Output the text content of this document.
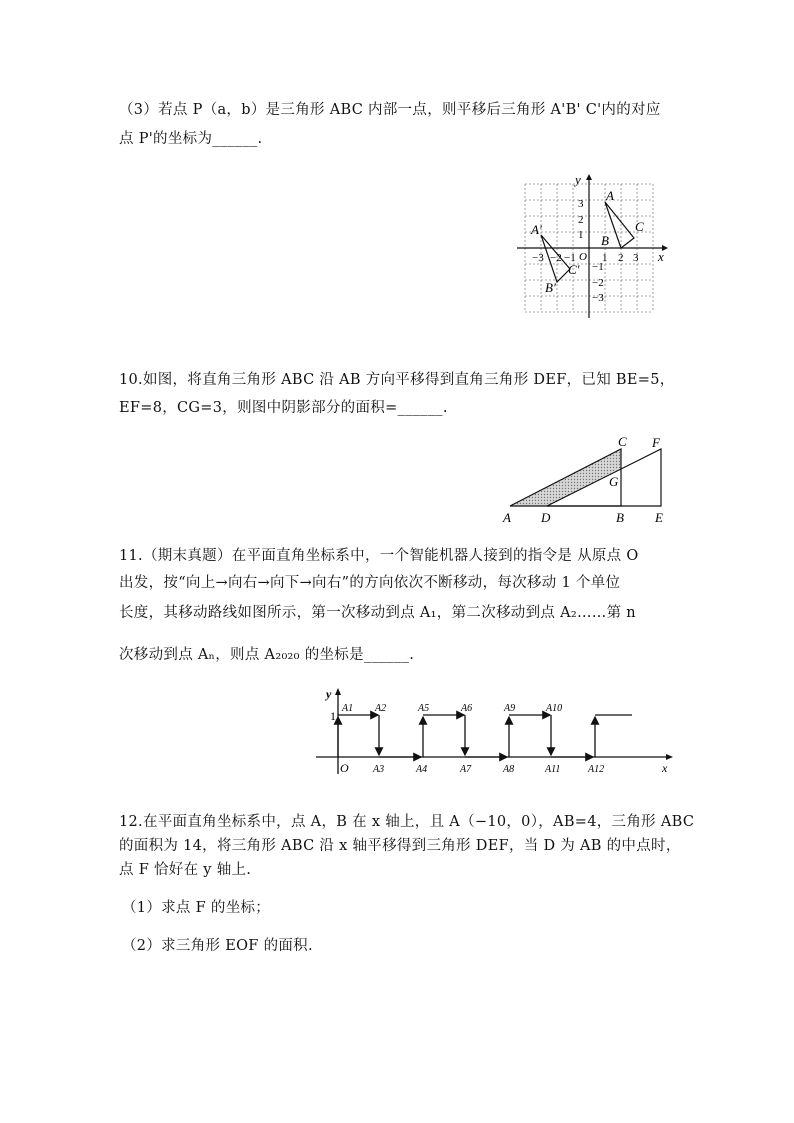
（3）若点 P（a，b）是三角形 ABC 内部一点，则平移后三角形 A'B' C'内的对应
点 P'的坐标为______.
x
y
−3 −2 −1 O 1 2 3
3
2
1
−1
−2
−3
A
B
C
A'
B'
C'
10.如图，将直角三角形 ABC 沿 AB 方向平移得到直角三角形 DEF，已知 BE=5，
EF=8，CG=3，则图中阴影部分的面积=______.
A D	B E
C F
G
11.（期末真题）在平面直角坐标系中，一个智能机器人接到的指令是 从原点 O
出发，按“向上→向右→向下→向右”的方向依次不断移动，每次移动 1 个单位
长度，其移动路线如图所示，第一次移动到点 A₁，第二次移动到点 A₂……第 n
次移动到点 Aₙ，则点 A₂₀₂₀ 的坐标是______.
y
x
O
1
A1 A2	A5	A6	A9	A10
A3	A4	A7	A8	A11	A12
12.在平面直角坐标系中，点 A，B 在 x 轴上，且 A（−10，0），AB=4，三角形 ABC
的面积为 14，将三角形 ABC 沿 x 轴平移得到三角形 DEF，当 D 为 AB 的中点时，
点 F 恰好在 y 轴上.
（1）求点 F 的坐标；
（2）求三角形 EOF 的面积.
